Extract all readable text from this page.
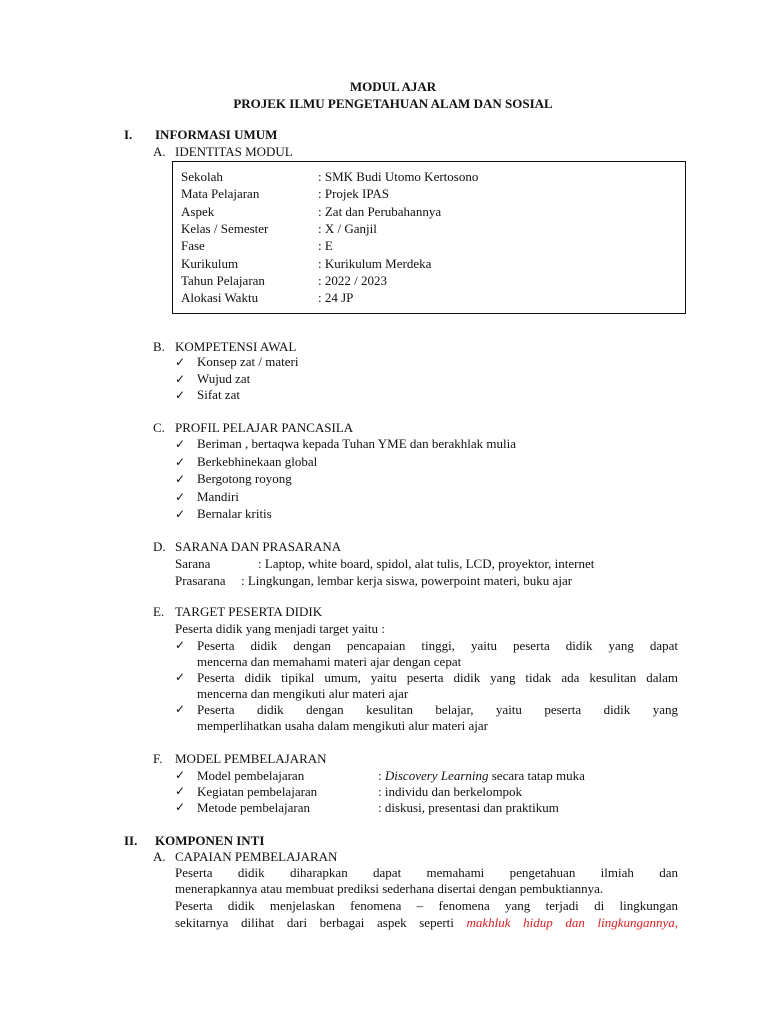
MODUL AJAR
PROJEK ILMU PENGETAHUAN ALAM DAN SOSIAL
I. INFORMASI UMUM
A. IDENTITAS MODUL
Sekolah	: SMK Budi Utomo Kertosono
Mata Pelajaran	: Projek IPAS
Aspek	: Zat dan Perubahannya
Kelas / Semester	: X / Ganjil
Fase	: E
Kurikulum	: Kurikulum Merdeka
Tahun Pelajaran	: 2022 / 2023
Alokasi Waktu	: 24 JP
B. KOMPETENSI AWAL
✓ Konsep zat / materi
✓ Wujud zat
✓ Sifat zat
C. PROFIL PELAJAR PANCASILA
✓ Beriman , bertaqwa kepada Tuhan YME dan berakhlak mulia
✓ Berkebhinekaan global
✓ Bergotong royong
✓ Mandiri
✓ Bernalar kritis
D. SARANA DAN PRASARANA
Sarana	: Laptop, white board, spidol, alat tulis, LCD, proyektor, internet
Prasarana : Lingkungan, lembar kerja siswa, powerpoint materi, buku ajar
E. TARGET PESERTA DIDIK
Peserta didik yang menjadi target yaitu :
✓ Peserta didik dengan pencapaian tinggi, yaitu peserta didik yang dapat
mencerna dan memahami materi ajar dengan cepat
✓ Peserta didik tipikal umum, yaitu peserta didik yang tidak ada kesulitan dalam
mencerna dan mengikuti alur materi ajar
✓ Peserta didik dengan kesulitan belajar, yaitu peserta didik yang
memperlihatkan usaha dalam mengikuti alur materi ajar
F. MODEL PEMBELAJARAN
✓ Model pembelajaran	: Discovery Learning secara tatap muka
✓ Kegiatan pembelajaran	: individu dan berkelompok
✓ Metode pembelajaran	: diskusi, presentasi dan praktikum
II. KOMPONEN INTI
A. CAPAIAN PEMBELAJARAN
Peserta didik diharapkan dapat memahami pengetahuan ilmiah dan
menerapkannya atau membuat prediksi sederhana disertai dengan pembuktiannya.
Peserta didik menjelaskan fenomena – fenomena yang terjadi di lingkungan
sekitarnya dilihat dari berbagai aspek seperti makhluk hidup dan lingkungannya,
